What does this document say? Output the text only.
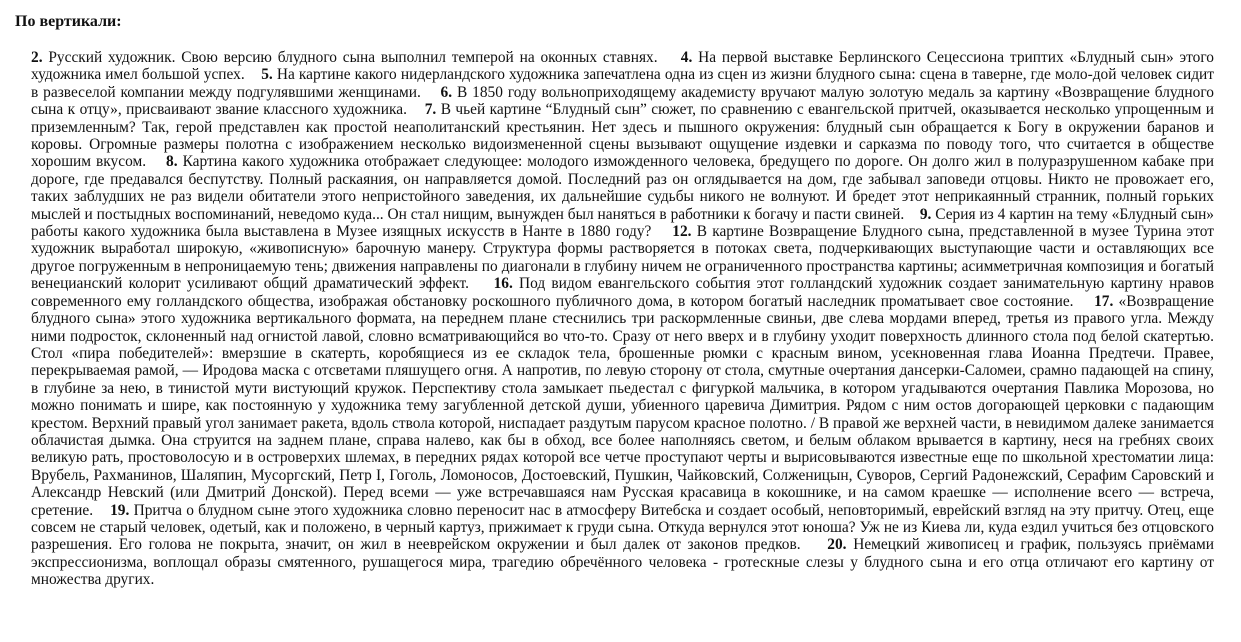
По вертикали:

2. Русский художник. Свою версию блудного сына выполнил темперой на оконных ставнях. 4. На первой выставке Берлинского Сецессиона триптих «Блудный сын» этого художника имел большой успех. 5. На картине какого нидерландского художника запечатлена одна из сцен из жизни блудного сына: сцена в таверне, где моло-дой человек сидит в развеселой компании между подгулявшими женщинами. 6. В 1850 году вольноприходящему академисту вручают малую золотую медаль за картину «Возвращение блудного сына к отцу», присваивают звание классного художника. 7. В чьей картине “Блудный сын” сюжет, по сравнению с евангельской притчей, оказывается несколько упрощенным и приземленным? Так, герой представлен как простой неаполитанский крестьянин. Нет здесь и пышного окружения: блудный сын обращается к Богу в окружении баранов и коровы. Огромные размеры полотна с изображением несколько видоизмененной сцены вызывают ощущение издевки и сарказма по поводу того, что считается в обществе хорошим вкусом. 8. Картина какого художника отображает следующее: молодого изможденного человека, бредущего по дороге. Он долго жил в полуразрушенном кабаке при дороге, где предавался беспутству. Полный раскаяния, он направляется домой. Последний раз он оглядывается на дом, где забывал заповеди отцовы. Никто не провожает его, таких заблудших не раз видели обитатели этого непристойного заведения, их дальнейшие судьбы никого не волнуют. И бредет этот неприкаянный странник, полный горьких мыслей и постыдных воспоминаний, неведомо куда... Он стал нищим, вынужден был наняться в работники к богачу и пасти свиней. 9. Серия из 4 картин на тему «Блудный сын» работы какого художника была выставлена в Музее изящных искусств в Нанте в 1880 году? 12. В картине Возвращение Блудного сына, представленной в музее Турина этот художник выработал широкую, «живописную» барочную манеру. Структура формы растворяется в потоках света, подчеркивающих выступающие части и оставляющих все другое погруженным в непроницаемую тень; движения направлены по диагонали в глубину ничем не ограниченного пространства картины; асимметричная композиция и богатый венецианский колорит усиливают общий драматический эффект. 16. Под видом евангельского события этот голландский художник создает занимательную картину нравов современного ему голландского общества, изображая обстановку роскошного публичного дома, в котором богатый наследник проматывает свое состояние. 17. «Возвращение блудного сына» этого художника вертикального формата, на переднем плане стеснились три раскормленные свиньи, две слева мордами вперед, третья из правого угла. Между ними подросток, склоненный над огнистой лавой, словно всматривающийся во что-то. Сразу от него вверх и в глубину уходит поверхность длинного стола под белой скатертью. Стол «пира победителей»: вмерзшие в скатерть, коробящиеся из ее складок тела, брошенные рюмки с красным вином, усекновенная глава Иоанна Предтечи. Правее, перекрываемая рамой, — Иродова маска с отсветами пляшущего огня. А напротив, по левую сторону от стола, смутные очертания дансерки-Саломеи, срамно падающей на спину, в глубине за нею, в тинистой мути вистующий кружок. Перспективу стола замыкает пьедестал с фигуркой мальчика, в котором угадываются очертания Павлика Морозова, но можно понимать и шире, как постоянную у художника тему загубленной детской души, убиенного царевича Димитрия. Рядом с ним остов догорающей церковки с падающим крестом. Верхний правый угол занимает ракета, вдоль ствола которой, ниспадает раздутым парусом красное полотно. / В правой же верхней части, в невидимом далеке занимается облачистая дымка. Она струится на заднем плане, справа налево, как бы в обход, все более наполняясь светом, и белым облаком врывается в картину, неся на гребнях своих великую рать, простоволосую и в островерхих шлемах, в передних рядах которой все четче проступают черты и вырисовываются известные еще по школьной хрестоматии лица: Врубель, Рахманинов, Шаляпин, Мусоргский, Петр I, Гоголь, Ломоносов, Достоевский, Пушкин, Чайковский, Солженицын, Суворов, Сергий Радонежский, Серафим Саровский и Александр Невский (или Дмитрий Донской). Перед всеми — уже встречавшаяся нам Русская красавица в кокошнике, и на самом краешке — исполнение всего — встреча, сретение. 19. Притча о блудном сыне этого художника словно переносит нас в атмосферу Витебска и создает особый, неповторимый, еврейский взгляд на эту притчу. Отец, еще совсем не старый человек, одетый, как и положено, в черный картуз, прижимает к груди сына. Откуда вернулся этот юноша? Уж не из Киева ли, куда ездил учиться без отцовского разрешения. Его голова не покрыта, значит, он жил в нееврейском окружении и был далек от законов предков. 20. Немецкий живописец и график, пользуясь приёмами экспрессионизма, воплощал образы смятенного, рушащегося мира, трагедию обречённого человека - гротескные слезы у блудного сына и его отца отличают его картину от множества других.
